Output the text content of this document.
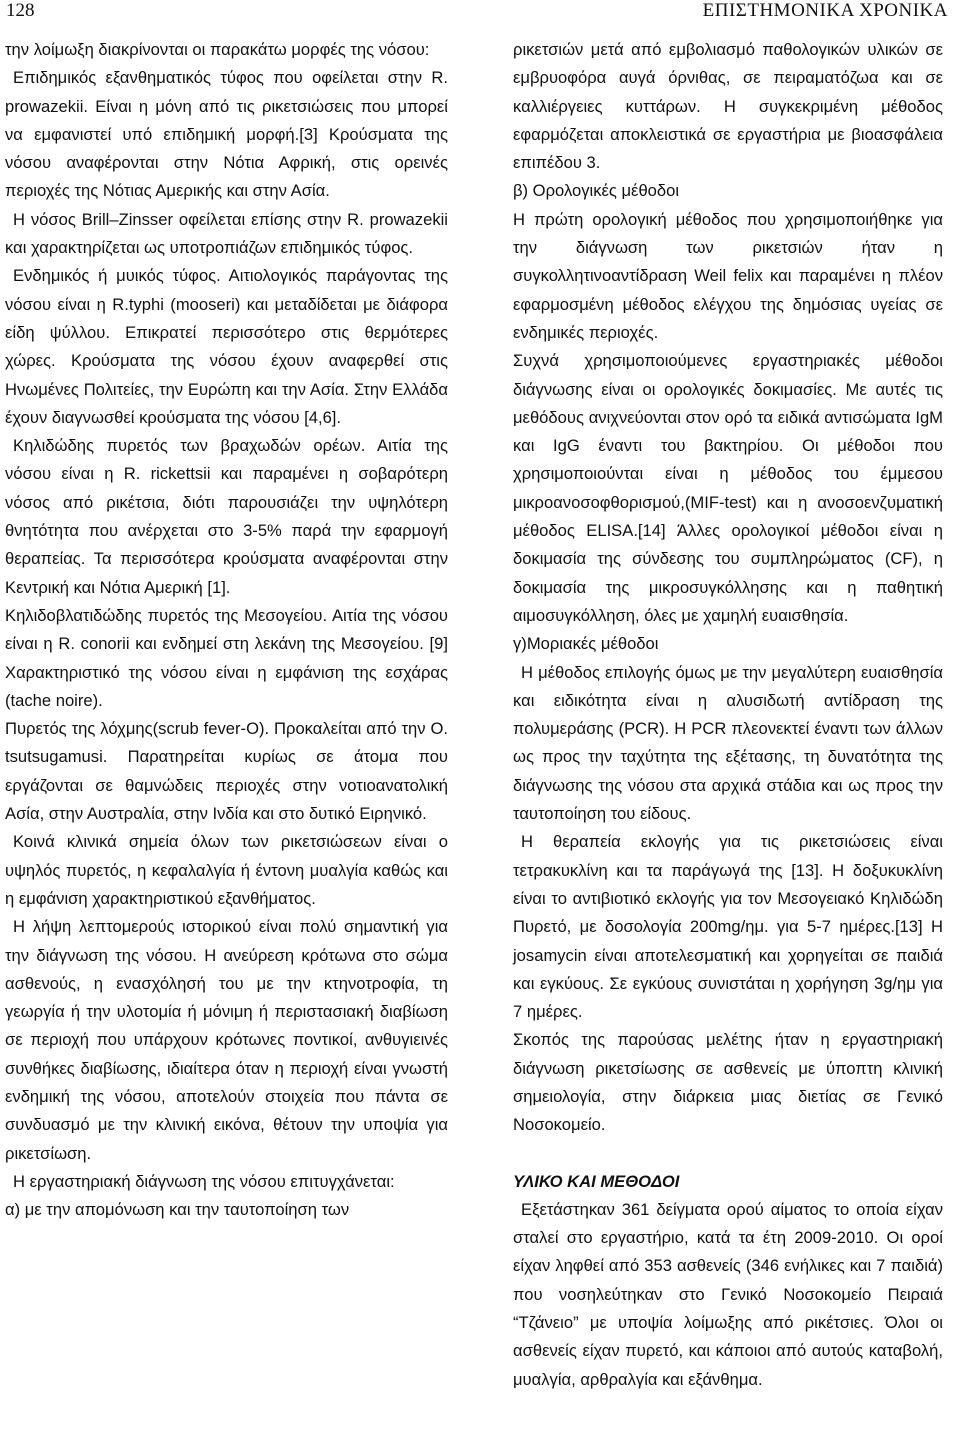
128	ΕΠΙΣΤΗΜΟΝΙΚΑ ΧΡΟΝΙΚΑ

την λοίμωξη διακρίνονται οι παρακάτω μορφές της νόσου:

Επιδημικός εξανθηματικός τύφος που οφείλεται στην R. prowazekii. Είναι η μόνη από τις ρικετσιώσεις που μπορεί να εμφανιστεί υπό επιδημική μορφή.[3] Κρούσματα της νόσου αναφέρονται στην Νότια Αφρική, στις ορεινές περιοχές της Νότιας Αμερικής και στην Ασία.

Η νόσος Brill–Zinsser οφείλεται επίσης στην R. prowazekii και χαρακτηρίζεται ως υποτροπιάζων επιδημικός τύφος.

Ενδημικός ή μυικός τύφος. Αιτιολογικός παράγοντας της νόσου είναι η R.typhi (mooseri) και μεταδίδεται με διάφορα είδη ψύλλου. Επικρατεί περισσότερο στις θερμότερες χώρες. Κρούσματα της νόσου έχουν αναφερθεί στις Ηνωμένες Πολιτείες, την Ευρώπη και την Ασία. Στην Ελλάδα έχουν διαγνωσθεί κρούσματα της νόσου [4,6].

Κηλιδώδης πυρετός των βραχωδών ορέων. Αιτία της νόσου είναι η R. rickettsii και παραμένει η σοβαρότερη νόσος από ρικέτσια, διότι παρουσιάζει την υψηλότερη θνητότητα που ανέρχεται στο 3-5% παρά την εφαρμογή θεραπείας. Τα περισσότερα κρούσματα αναφέρονται στην Κεντρική και Νότια Αμερική [1].

Κηλιδοβλατιδώδης πυρετός της Μεσογείου. Αιτία της νόσου είναι η R. conorii και ενδημεί στη λεκάνη της Μεσογείου. [9] Χαρακτηριστικό της νόσου είναι η εμφάνιση της εσχάρας (tache noire).

Πυρετός της λόχμης(scrub fever-O). Προκαλείται από την O. tsutsugamusi. Παρατηρείται κυρίως σε άτομα που εργάζονται σε θαμνώδεις περιοχές στην νοτιοανατολική Ασία, στην Αυστραλία, στην Ινδία και στο δυτικό Ειρηνικό.

Κοινά κλινικά σημεία όλων των ρικετσιώσεων είναι ο υψηλός πυρετός, η κεφαλαλγία ή έντονη μυαλγία καθώς και η εμφάνιση χαρακτηριστικού εξανθήματος.

Η λήψη λεπτομερούς ιστορικού είναι πολύ σημαντική για την διάγνωση της νόσου. Η ανεύρεση κρότωνα στο σώμα ασθενούς, η ενασχόλησή του με την κτηνοτροφία, τη γεωργία ή την υλοτομία ή μόνιμη ή περιστασιακή διαβίωση σε περιοχή που υπάρχουν κρότωνες ποντικοί, ανθυγιεινές συνθήκες διαβίωσης, ιδιαίτερα όταν η περιοχή είναι γνωστή ενδημική της νόσου, αποτελούν στοιχεία που πάντα σε συνδυασμό με την κλινική εικόνα, θέτουν την υποψία για ρικετσίωση.

Η εργαστηριακή διάγνωση της νόσου επιτυγχάνεται:

α) με την απομόνωση και την ταυτοποίηση των

ρικετσιών μετά από εμβολιασμό παθολογικών υλικών σε εμβρυοφόρα αυγά όρνιθας, σε πειραματόζωα και σε καλλιέργειες κυττάρων. Η συγκεκριμένη μέθοδος εφαρμόζεται αποκλειστικά σε εργαστήρια με βιοασφάλεια επιπέδου 3.

β) Ορολογικές μέθοδοι

Η πρώτη ορολογική μέθοδος που χρησιμοποιήθηκε για την διάγνωση των ρικετσιών ήταν η συγκολλητινοαντίδραση Weil felix και παραμένει η πλέον εφαρμοσμένη μέθοδος ελέγχου της δημόσιας υγείας σε ενδημικές περιοχές.

Συχνά χρησιμοποιούμενες εργαστηριακές μέθοδοι διάγνωσης είναι οι ορολογικές δοκιμασίες. Με αυτές τις μεθόδους ανιχνεύονται στον ορό τα ειδικά αντισώματα IgM και IgG έναντι του βακτηρίου. Οι μέθοδοι που χρησιμοποιούνται είναι η μέθοδος του έμμεσου μικροανοσοφθορισμού,(MIF-test) και η ανοσοενζυματική μέθοδος ELISA.[14] Άλλες ορολογικοί μέθοδοι είναι η δοκιμασία της σύνδεσης του συμπληρώματος (CF), η δοκιμασία της μικροσυγκόλλησης και η παθητική αιμοσυγκόλληση, όλες με χαμηλή ευαισθησία.

γ)Μοριακές μέθοδοι

Η μέθοδος επιλογής όμως με την μεγαλύτερη ευαισθησία και ειδικότητα είναι η αλυσιδωτή αντίδραση της πολυμεράσης (PCR). Η PCR πλεονεκτεί έναντι των άλλων ως προς την ταχύτητα της εξέτασης, τη δυνατότητα της διάγνωσης της νόσου στα αρχικά στάδια και ως προς την ταυτοποίηση του είδους.

Η θεραπεία εκλογής για τις ρικετσιώσεις είναι τετρακυκλίνη και τα παράγωγά της [13]. Η δοξυκυκλίνη είναι το αντιβιοτικό εκλογής για τον Μεσογειακό Κηλιδώδη Πυρετό, με δοσολογία 200mg/ημ. για 5-7 ημέρες.[13] Η josamycin είναι αποτελεσματική και χορηγείται σε παιδιά και εγκύους. Σε εγκύους συνιστάται η χορήγηση 3g/ημ για 7 ημέρες.

Σκοπός της παρούσας μελέτης ήταν η εργαστηριακή διάγνωση ρικετσίωσης σε ασθενείς με ύποπτη κλινική σημειολογία, στην διάρκεια μιας διετίας σε Γενικό Νοσοκομείο.

ΥΛΙΚΟ ΚΑΙ ΜΕΘΟΔΟΙ

Εξετάστηκαν 361 δείγματα ορού αίματος το οποία είχαν σταλεί στο εργαστήριο, κατά τα έτη 2009-2010. Οι οροί είχαν ληφθεί από 353 ασθενείς (346 ενήλικες και 7 παιδιά) που νοσηλεύτηκαν στο Γενικό Νοσοκομείο Πειραιά “Τζάνειο” με υποψία λοίμωξης από ρικέτσιες. Όλοι οι ασθενείς είχαν πυρετό, και κάποιοι από αυτούς καταβολή, μυαλγία, αρθραλγία και εξάνθημα.
